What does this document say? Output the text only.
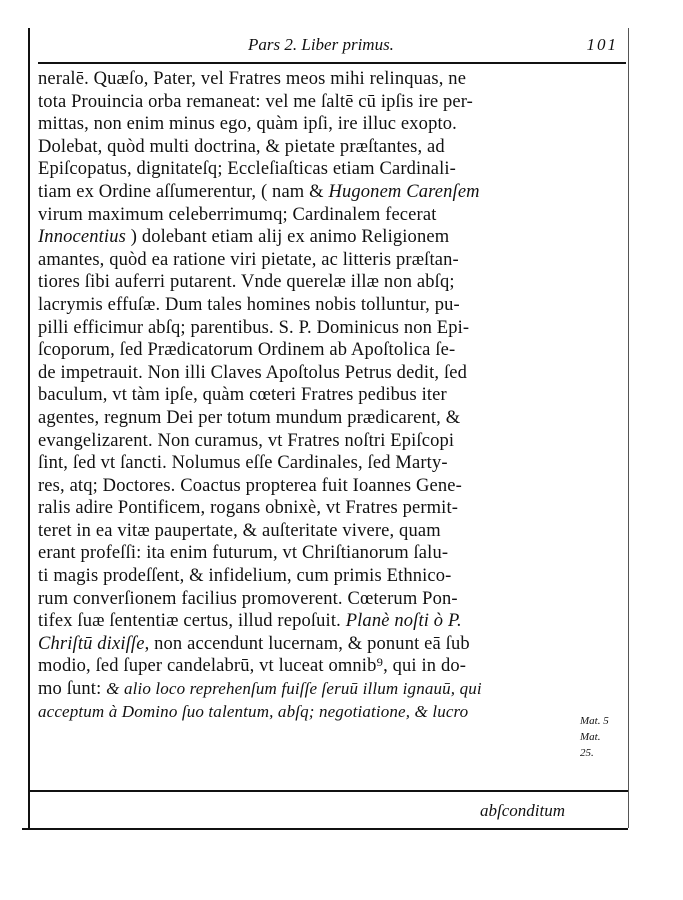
Pars 2. Liber primus.	101
neralē. Quæſo, Pater, vel Fratres meos mihi relinquas, ne
tota Prouincia orba remaneat: vel me ſaltē cū ipſis ire per-
mittas, non enim minus ego, quàm ipſi, ire illuc exopto.
Dolebat, quòd multi doctrina, & pietate præſtantes, ad
Epiſcopatus, dignitateſq; Eccleſiaſticas etiam Cardinali-
tiam ex Ordine aſſumerentur, ( nam & Hugonem Carenſem
virum maximum celeberrimumq; Cardinalem fecerat
Innocentius ) dolebant etiam alij ex animo Religionem
amantes, quòd ea ratione viri pietate, ac litteris præſtan-
tiores ſibi auferri putarent. Vnde querelæ illæ non abſq;
lacrymis effuſæ. Dum tales homines nobis tolluntur, pu-
pilli efficimur abſq; parentibus. S. P. Dominicus non Epi-
ſcoporum, ſed Prædicatorum Ordinem ab Apoſtolica ſe-
de impetrauit. Non illi Claves Apoſtolus Petrus dedit, ſed
baculum, vt tàm ipſe, quàm cœteri Fratres pedibus iter
agentes, regnum Dei per totum mundum prædicarent, &
evangelizarent. Non curamus, vt Fratres noſtri Epiſcopi
ſint, ſed vt ſancti. Nolumus eſſe Cardinales, ſed Marty-
res, atq; Doctores. Coactus propterea fuit Ioannes Gene-
ralis adire Pontificem, rogans obnixè, vt Fratres permit-
teret in ea vitæ paupertate, & auſteritate vivere, quam
erant profeſſi: ita enim futurum, vt Chriſtianorum ſalu-
ti magis prodeſſent, & infidelium, cum primis Ethnico-
rum converſionem facilius promoverent. Cœterum Pon-
tifex ſuæ ſententiæ certus, illud repoſuit. Planè noſti ò P.
Chriſtū dixiſſe, non accendunt lucernam, & ponunt eā ſub
modio, ſed ſuper candelabrū, vt luceat omnib⁹, qui in do-
mo ſunt: & alio loco reprehenſum fuiſſe ſeruū illum ignauū, qui
acceptum à Domino ſuo talentum, abſq; negotiatione, & lucro
Mat. 5
Mat.
25.
abſconditum
